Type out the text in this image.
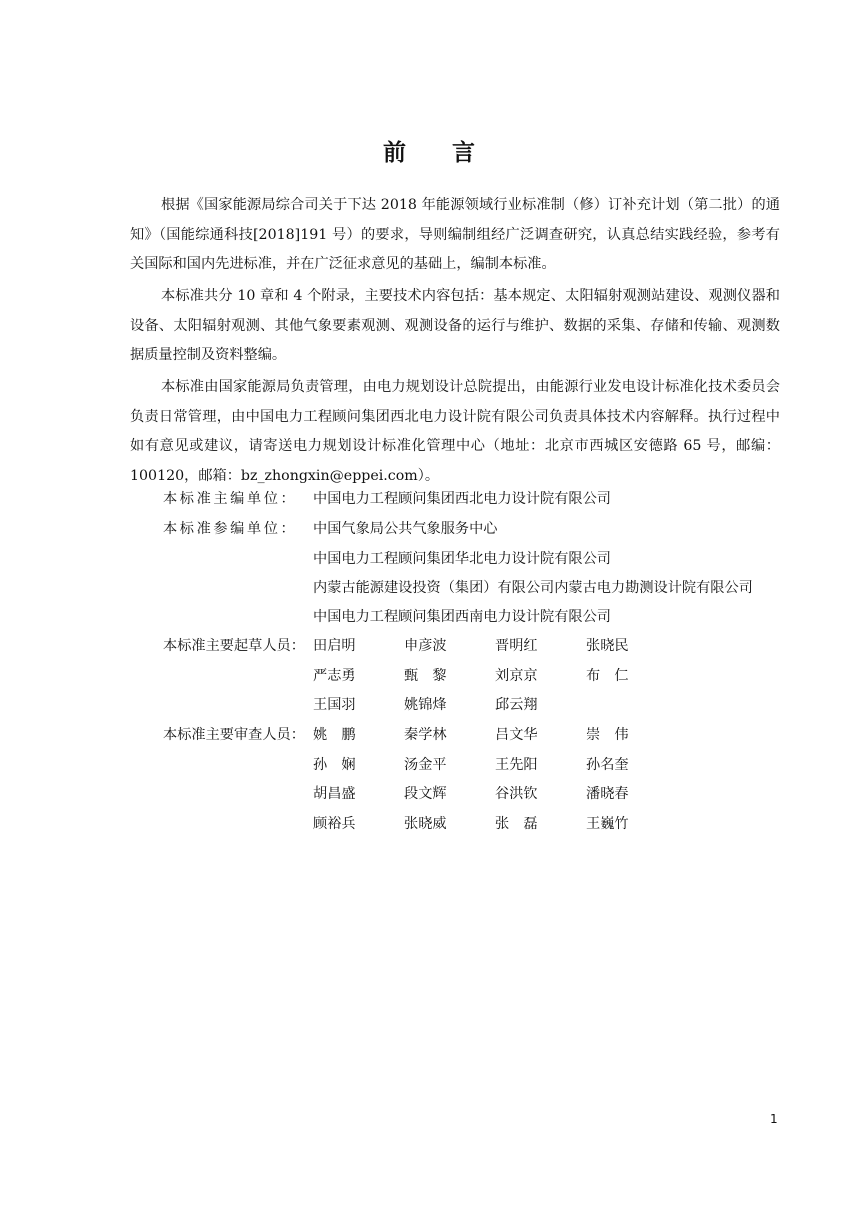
前 言

根据《国家能源局综合司关于下达 2018 年能源领域行业标准制（修）订补充计划（第二批）的通知》（国能综通科技[2018]191 号）的要求，导则编制组经广泛调查研究，认真总结实践经验，参考有关国际和国内先进标准，并在广泛征求意见的基础上，编制本标准。

本标准共分 10 章和 4 个附录，主要技术内容包括：基本规定、太阳辐射观测站建设、观测仪器和设备、太阳辐射观测、其他气象要素观测、观测设备的运行与维护、数据的采集、存储和传输、观测数据质量控制及资料整编。

本标准由国家能源局负责管理，由电力规划设计总院提出，由能源行业发电设计标准化技术委员会负责日常管理，由中国电力工程顾问集团西北电力设计院有限公司负责具体技术内容解释。执行过程中如有意见或建议，请寄送电力规划设计标准化管理中心（地址：北京市西城区安德路 65 号，邮编：100120，邮箱：bz_zhongxin@eppei.com）。

本标准主编单位： 中国电力工程顾问集团西北电力设计院有限公司
本标准参编单位： 中国气象局公共气象服务中心
中国电力工程顾问集团华北电力设计院有限公司
内蒙古能源建设投资（集团）有限公司内蒙古电力勘测设计院有限公司
中国电力工程顾问集团西南电力设计院有限公司
本标准主要起草人员： 田启明	申彦波	晋明红	张晓民
严志勇	甄　黎	刘京京	布　仁
王国羽	姚锦烽	邱云翔
本标准主要审查人员： 姚　鹏	秦学林	吕文华	崇　伟
孙　娴	汤金平	王先阳	孙名奎
胡昌盛	段文辉	谷洪钦	潘晓春
顾裕兵	张晓威	张　磊	王巍竹
1
